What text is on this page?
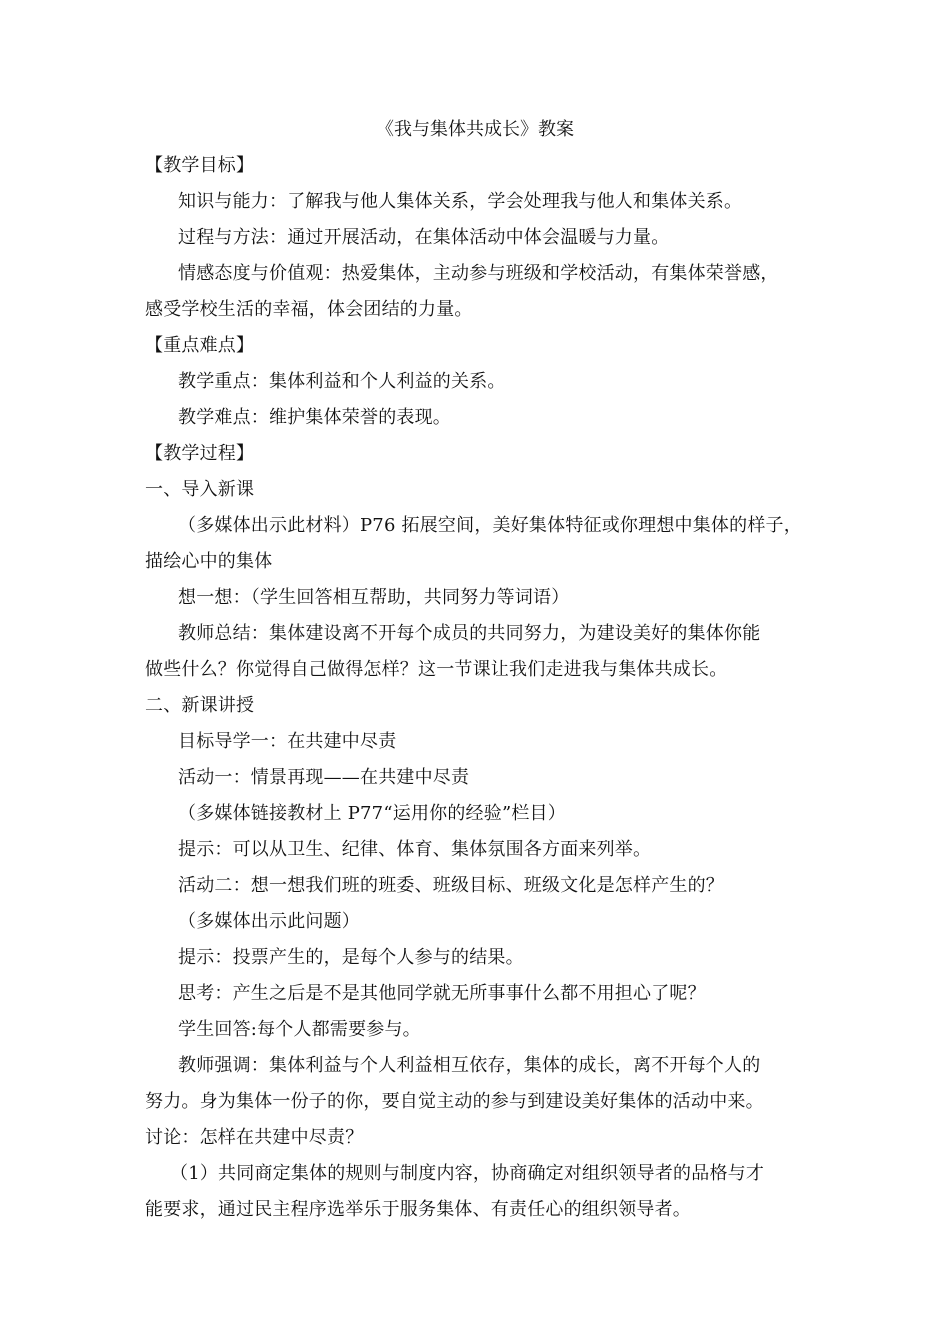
《我与集体共成长》教案
【教学目标】
知识与能力：了解我与他人集体关系，学会处理我与他人和集体关系。
过程与方法：通过开展活动，在集体活动中体会温暖与力量。
情感态度与价值观：热爱集体，主动参与班级和学校活动，有集体荣誉感，
感受学校生活的幸福，体会团结的力量。
【重点难点】
教学重点：集体利益和个人利益的关系。
教学难点：维护集体荣誉的表现。
【教学过程】
一、导入新课
（多媒体出示此材料）P76 拓展空间，美好集体特征或你理想中集体的样子，
描绘心中的集体
想一想：（学生回答相互帮助，共同努力等词语）
教师总结：集体建设离不开每个成员的共同努力，为建设美好的集体你能
做些什么？你觉得自己做得怎样？这一节课让我们走进我与集体共成长。
二、新课讲授
目标导学一：在共建中尽责
活动一：情景再现——在共建中尽责
（多媒体链接教材上 P77“运用你的经验”栏目）
提示：可以从卫生、纪律、体育、集体氛围各方面来列举。
活动二：想一想我们班的班委、班级目标、班级文化是怎样产生的？
（多媒体出示此问题）
提示：投票产生的，是每个人参与的结果。
思考：产生之后是不是其他同学就无所事事什么都不用担心了呢？
学生回答:每个人都需要参与。
教师强调：集体利益与个人利益相互依存，集体的成长，离不开每个人的
努力。身为集体一份子的你，要自觉主动的参与到建设美好集体的活动中来。
讨论：怎样在共建中尽责？
（1）共同商定集体的规则与制度内容，协商确定对组织领导者的品格与才
能要求，通过民主程序选举乐于服务集体、有责任心的组织领导者。
